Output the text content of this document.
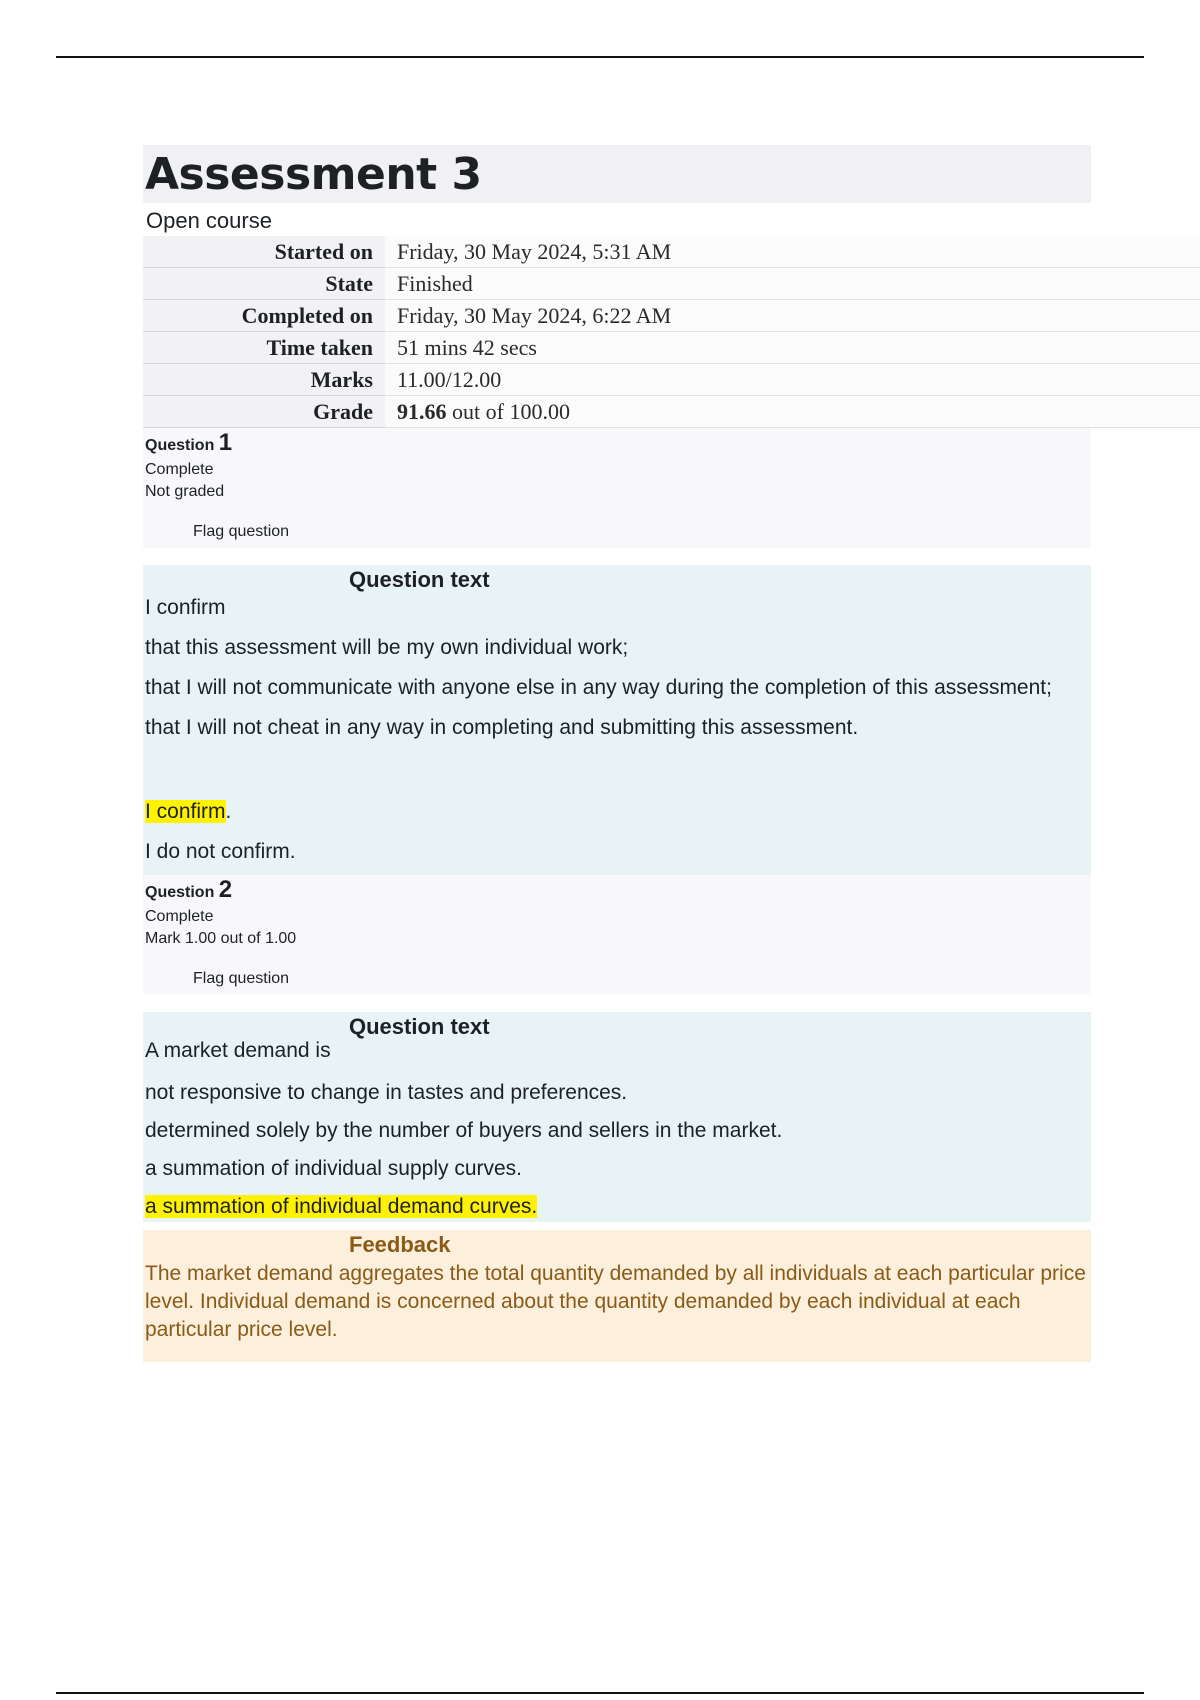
Assessment 3
Open course
Started on	Friday, 30 May 2024, 5:31 AM
State	Finished
Completed on	Friday, 30 May 2024, 6:22 AM
Time taken	51 mins 42 secs
Marks	11.00/12.00
Grade	91.66 out of 100.00
Question 1
Complete
Not graded
Flag question
Question text

I confirm

that this assessment will be my own individual work;

that I will not communicate with anyone else in any way during the completion of this assessment;

that I will not cheat in any way in completing and submitting this assessment.

I confirm.

I do not confirm.

Question 2
Complete
Mark 1.00 out of 1.00
Flag question
Question text

A market demand is

not responsive to change in tastes and preferences.

determined solely by the number of buyers and sellers in the market.

a summation of individual supply curves.

a summation of individual demand curves.

Feedback
The market demand aggregates the total quantity demanded by all individuals at each particular price level. Individual demand is concerned about the quantity demanded by each individual at each particular price level.
